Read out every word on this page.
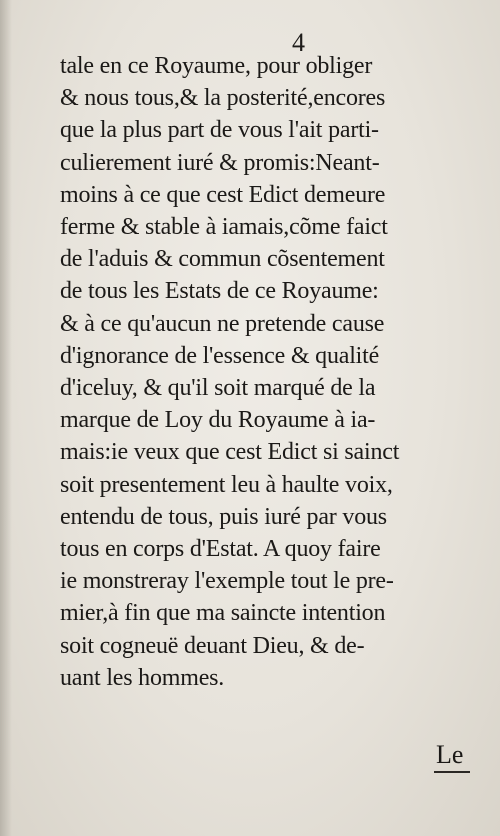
4
tale en ce Royaume, pour obliger
& nous tous,& la posterité,encores
que la plus part de vous l'ait parti-
culierement iuré & promis:Neant-
moins à ce que cest Edict demeure
ferme & stable à iamais,cõme faict
de l'aduis & commun cõsentement
de tous les Estats de ce Royaume:
& à ce qu'aucun ne pretende cause
d'ignorance de l'essence & qualité
d'iceluy, & qu'il soit marqué de la
marque de Loy du Royaume à ia-
mais:ie veux que cest Edict si sainct
soit presentement leu à haulte voix,
entendu de tous, puis iuré par vous
tous en corps d'Estat. A quoy faire
ie monstreray l'exemple tout le pre-
mier,à fin que ma saincte intention
soit cogneuë deuant Dieu, & de-
uant les hommes.
Le
